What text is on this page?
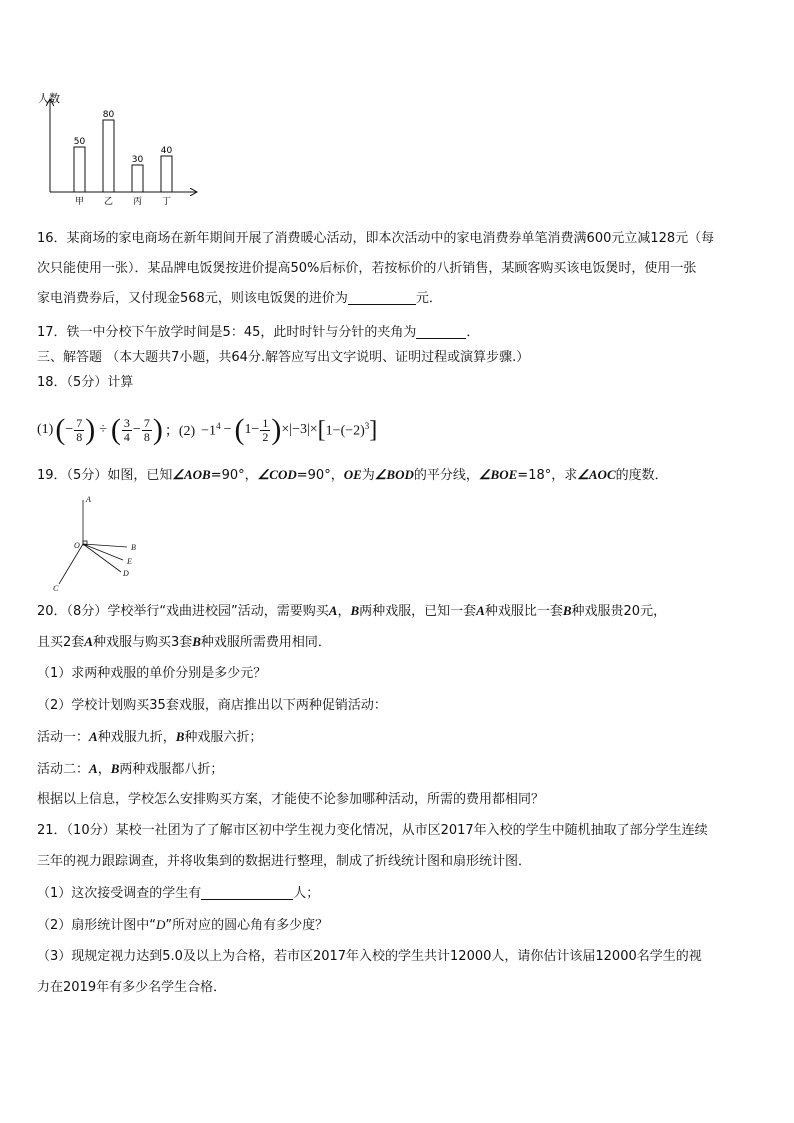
人数
50
甲
80
乙
30
丙
40
丁
16．某商场的家电商场在新年期间开展了消费暖心活动，即本次活动中的家电消费券单笔消费满600元立减128元（每
次只能使用一张）．某品牌电饭煲按进价提高50%后标价，若按标价的八折销售，某顾客购买该电饭煲时，使用一张
家电消费券后，又付现金568元，则该电饭煲的进价为	元．
17．铁一中分校下午放学时间是5：45，此时时针与分针的夹角为	．
三、解答题 （本大题共7小题，共64分.解答应写出文字说明、证明过程或演算步骤.）
18．（5分）计算
(1) ( − $\frac{7}{8}$ ) ÷ ( $\frac{3}{4} - \frac{7}{8}$ ) ；$(2) -1^4$ − ( $1- \frac{1}{2}$ ) ×|−3|× [ $1-(-2)^3$ ]
19．（5分）如图，已知∠AOB=90°，∠COD=90°，OE为∠BOD的平分线，∠BOE=18°，求∠AOC的度数．
A
O	B
E
D
C
20．（8分）学校举行“戏曲进校园”活动，需要购买A，B两种戏服，已知一套A种戏服比一套B种戏服贵20元，
且买2套A种戏服与购买3套B种戏服所需费用相同．
（1）求两种戏服的单价分别是多少元？
（2）学校计划购买35套戏服，商店推出以下两种促销活动：
活动一：A种戏服九折，B种戏服六折；
活动二：A，B两种戏服都八折；
根据以上信息，学校怎么安排购买方案，才能使不论参加哪种活动，所需的费用都相同？
21．（10分）某校一社团为了了解市区初中学生视力变化情况，从市区2017年入校的学生中随机抽取了部分学生连续
三年的视力跟踪调查，并将收集到的数据进行整理，制成了折线统计图和扇形统计图．
（1）这次接受调查的学生有	人；
（2）扇形统计图中“D”所对应的圆心角有多少度？
（3）现规定视力达到5.0及以上为合格，若市区2017年入校的学生共计12000人，请你估计该届12000名学生的视
力在2019年有多少名学生合格．
